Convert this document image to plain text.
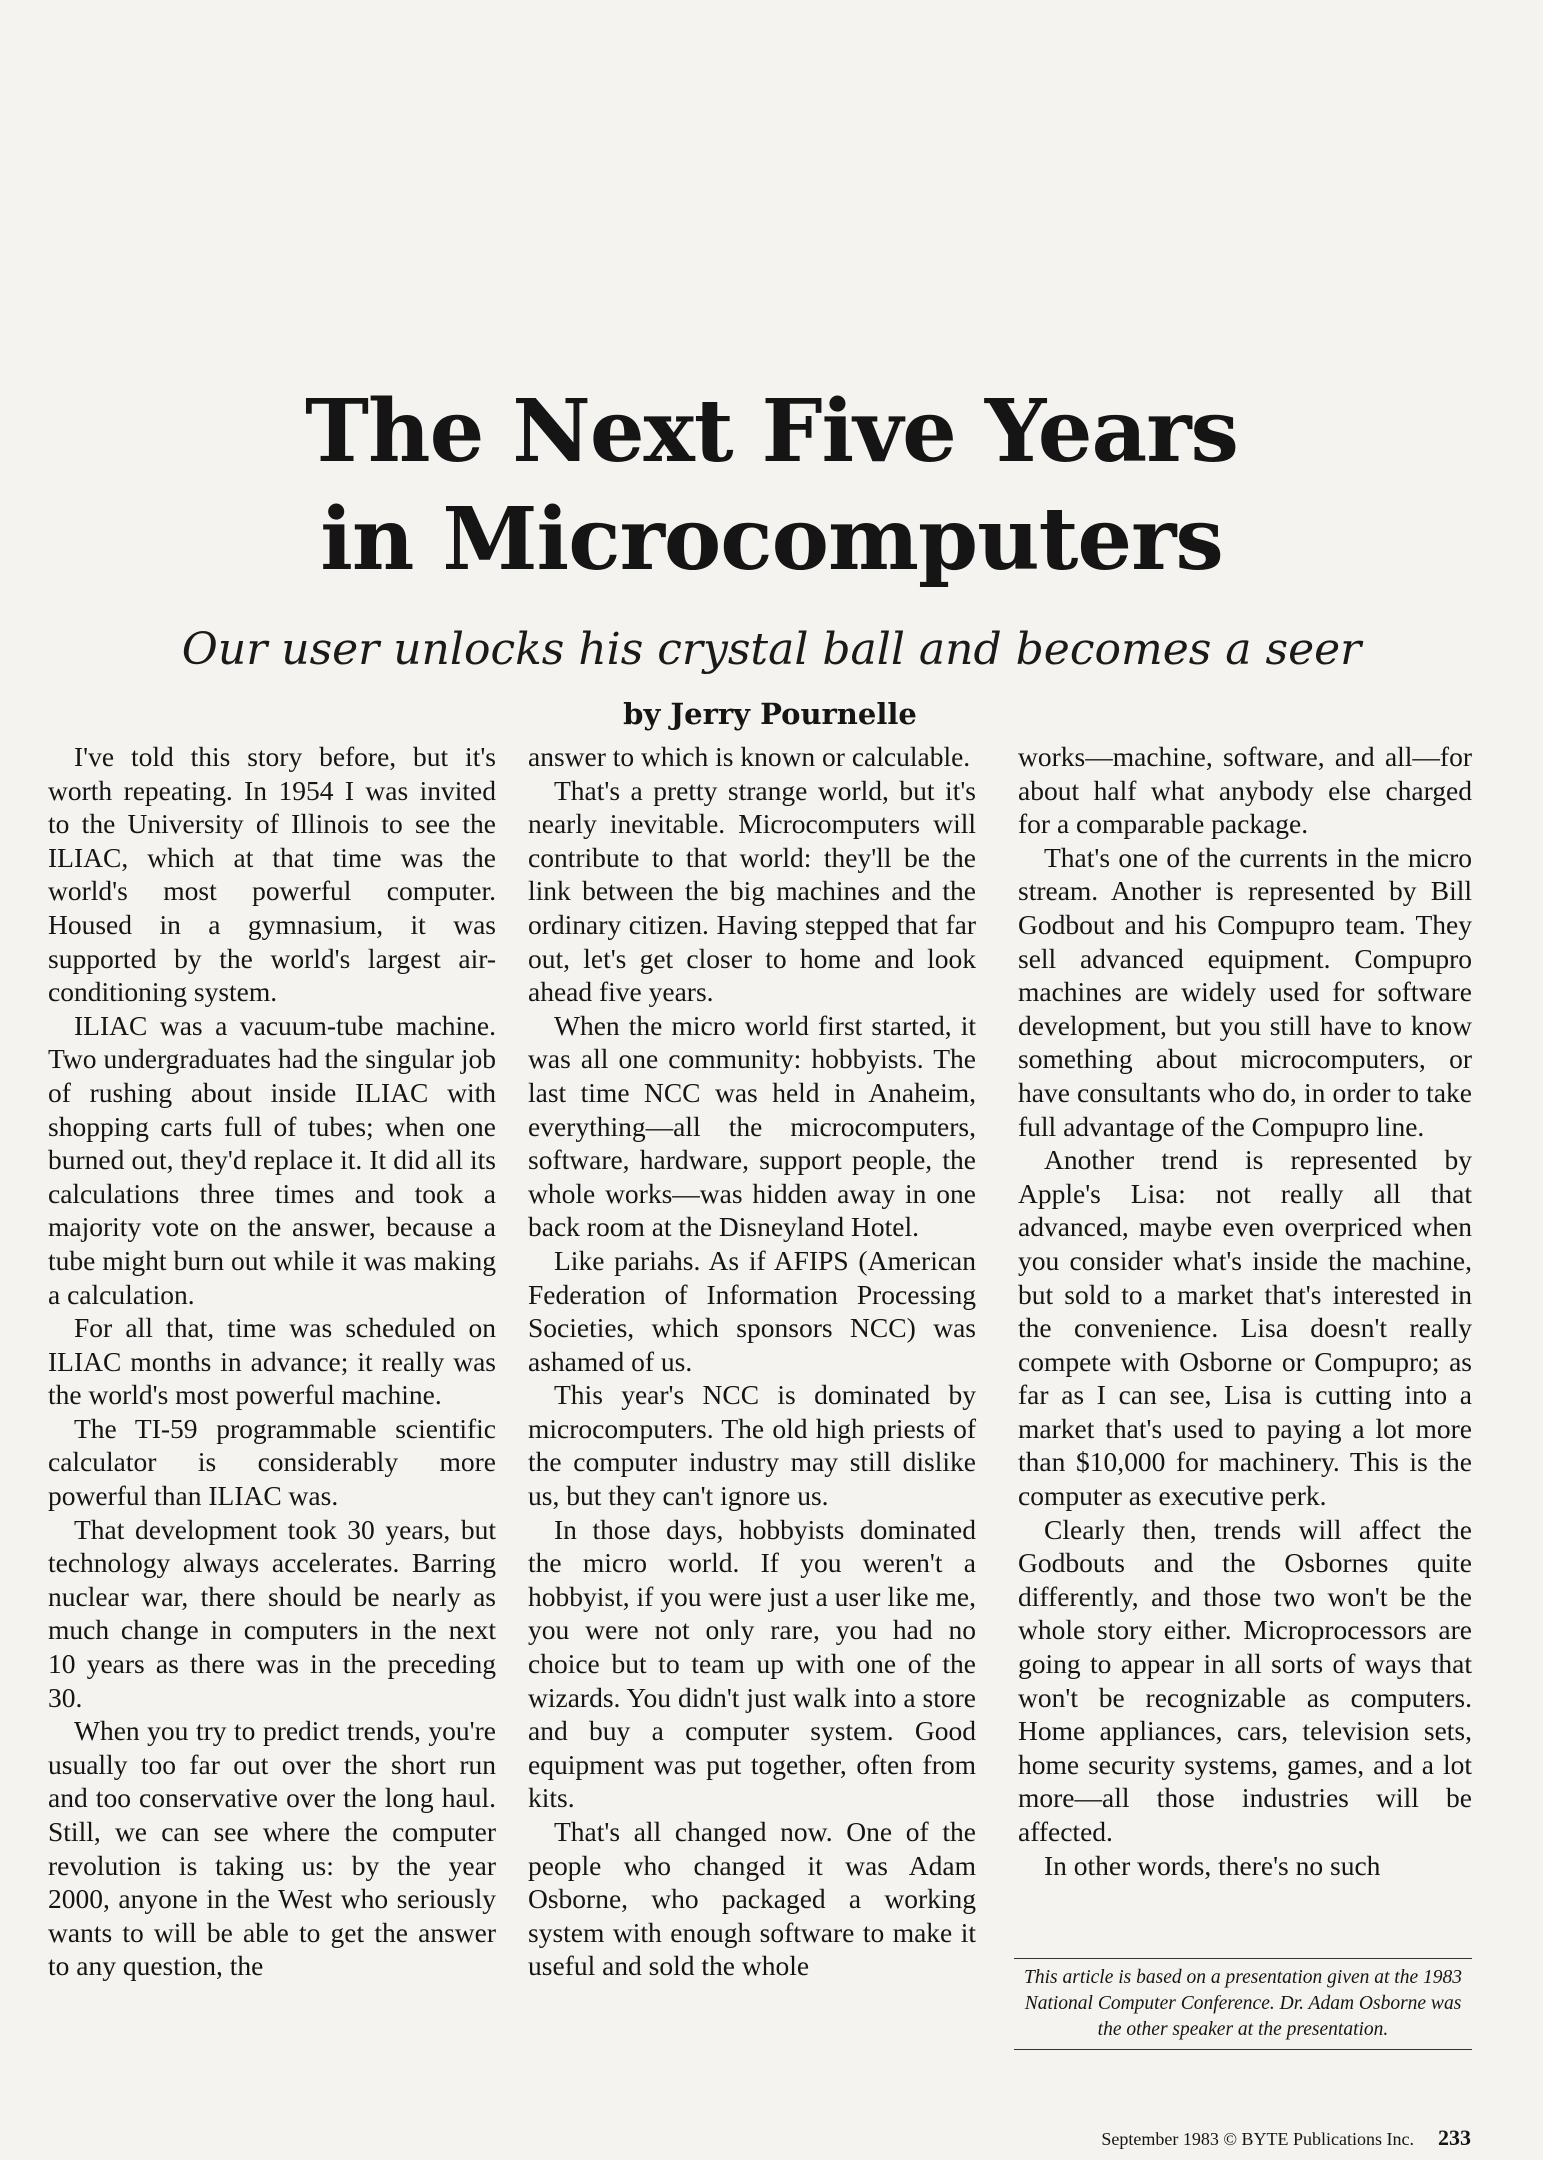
The Next Five Years
in Microcomputers

Our user unlocks his crystal ball and becomes a seer

by Jerry Pournelle

I've told this story before, but it's worth repeating. In 1954 I was invited to the University of Illinois to see the ILIAC, which at that time was the world's most powerful computer. Housed in a gymnasium, it was supported by the world's largest air-conditioning system.

ILIAC was a vacuum-tube machine. Two undergraduates had the singular job of rushing about inside ILIAC with shopping carts full of tubes; when one burned out, they'd replace it. It did all its calculations three times and took a majority vote on the answer, because a tube might burn out while it was making a calculation.

For all that, time was scheduled on ILIAC months in advance; it really was the world's most powerful machine.

The TI-59 programmable scientific calculator is considerably more powerful than ILIAC was.

That development took 30 years, but technology always accelerates. Barring nuclear war, there should be nearly as much change in computers in the next 10 years as there was in the preceding 30.

When you try to predict trends, you're usually too far out over the short run and too conservative over the long haul. Still, we can see where the computer revolution is taking us: by the year 2000, anyone in the West who seriously wants to will be able to get the answer to any question, the

answer to which is known or calculable.

That's a pretty strange world, but it's nearly inevitable. Microcomputers will contribute to that world: they'll be the link between the big machines and the ordinary citizen. Having stepped that far out, let's get closer to home and look ahead five years.

When the micro world first started, it was all one community: hobbyists. The last time NCC was held in Anaheim, everything—all the microcomputers, software, hardware, support people, the whole works—was hidden away in one back room at the Disneyland Hotel.

Like pariahs. As if AFIPS (American Federation of Information Processing Societies, which sponsors NCC) was ashamed of us.

This year's NCC is dominated by microcomputers. The old high priests of the computer industry may still dislike us, but they can't ignore us.

In those days, hobbyists dominated the micro world. If you weren't a hobbyist, if you were just a user like me, you were not only rare, you had no choice but to team up with one of the wizards. You didn't just walk into a store and buy a computer system. Good equipment was put together, often from kits.

That's all changed now. One of the people who changed it was Adam Osborne, who packaged a working system with enough software to make it useful and sold the whole

works—machine, software, and all—for about half what anybody else charged for a comparable package.

That's one of the currents in the micro stream. Another is represented by Bill Godbout and his Compupro team. They sell advanced equipment. Compupro machines are widely used for software development, but you still have to know something about microcomputers, or have consultants who do, in order to take full advantage of the Compupro line.

Another trend is represented by Apple's Lisa: not really all that advanced, maybe even overpriced when you consider what's inside the machine, but sold to a market that's interested in the convenience. Lisa doesn't really compete with Osborne or Compupro; as far as I can see, Lisa is cutting into a market that's used to paying a lot more than $10,000 for machinery. This is the computer as executive perk.

Clearly then, trends will affect the Godbouts and the Osbornes quite differently, and those two won't be the whole story either. Microprocessors are going to appear in all sorts of ways that won't be recognizable as computers. Home appliances, cars, television sets, home security systems, games, and a lot more—all those industries will be affected.

In other words, there's no such

This article is based on a presentation given at the 1983 National Computer Conference. Dr. Adam Osborne was the other speaker at the presentation.
September 1983 © BYTE Publications Inc. 233
